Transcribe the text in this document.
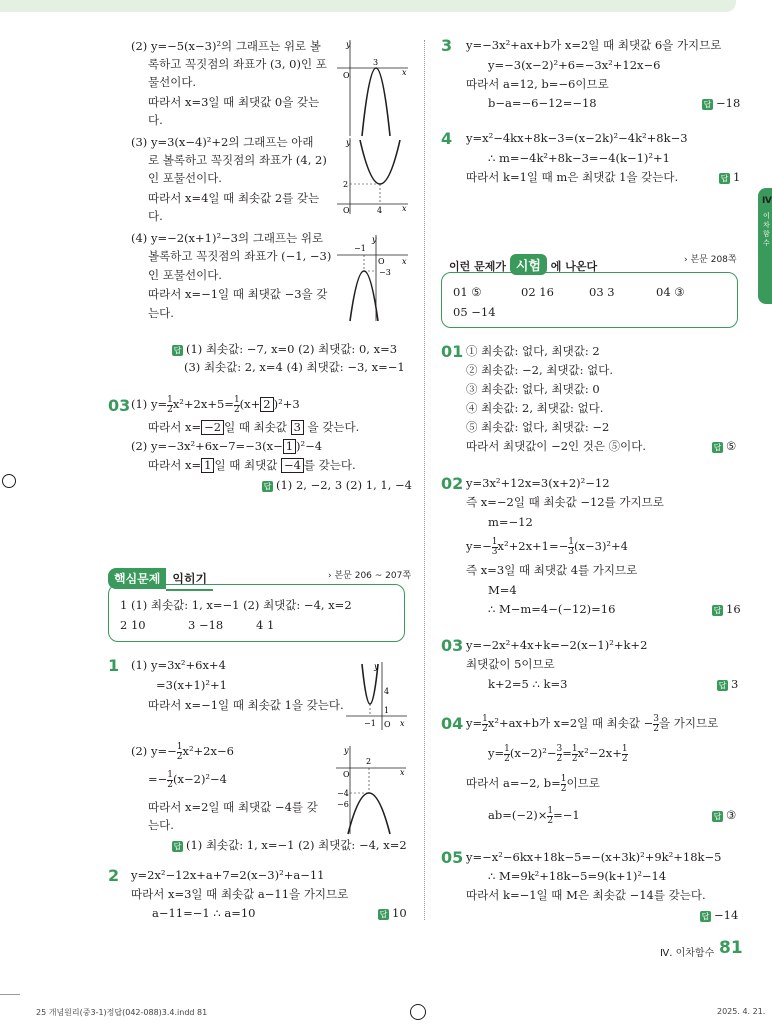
Ⅳ
이차함수
(2) y=−5(x−3)²의 그래프는 위로 볼
록하고 꼭짓점의 좌표가 (3, 0)인 포
물선이다.
따라서 x=3일 때 최댓값 0을 갖는
다.
(3) y=3(x−4)²+2의 그래프는 아래
로 볼록하고 꼭짓점의 좌표가 (4, 2)
인 포물선이다.
따라서 x=4일 때 최솟값 2를 갖는
다.
(4) y=−2(x+1)²−3의 그래프는 위로
볼록하고 꼭짓점의 좌표가 (−1, −3)
인 포물선이다.
따라서 x=−1일 때 최댓값 −3을 갖
는다.
y
x
O
3
y
x
O
2
4
y
x
O
−1
−3
답 (1) 최솟값: −7, x=0 (2) 최댓값: 0, x=3
(3) 최솟값: 2, x=4 (4) 최댓값: −3, x=−1
03 (1) $y= \frac{1}{2} x^2+2x+5= \frac{1}{2} (x+ 2$ )²+3
따라서 x= −2 일 때 최솟값 3 을 갖는다.
(2) y=−3x²+6x−7=−3(x− 1 )²−4
따라서 x= 1 일 때 최댓값 −4 를 갖는다.
답 (1) 2, −2, 3 (2) 1, 1, −4
핵심문제 익히기	› 본문 206 ~ 207쪽
1 (1) 최솟값: 1, x=−1 (2) 최댓값: −4, x=2
2 10	3 −18	4 1
1 (1) y=3x²+6x+4
=3(x+1)²+1
따라서 x=−1일 때 최솟값 1을 갖는다.
y
x
O
4
1
−1
(2) $y=- \frac{1}{2} x^2+2x-6$
=− $\frac{1}{2} (x-2)^2-4$
따라서 x=2일 때 최댓값 −4를 갖
는다.
y
x
O
2
−4
−6
답 (1) 최솟값: 1, x=−1 (2) 최댓값: −4, x=2
2 y=2x²−12x+a+7=2(x−3)²+a−11
따라서 x=3일 때 최솟값 a−11을 가지므로
a−11=−1 ∴ a=10	답 10
3 y=−3x²+ax+b가 x=2일 때 최댓값 6을 가지므로
y=−3(x−2)²+6=−3x²+12x−6
따라서 a=12, b=−6이므로
b−a=−6−12=−18	답 −18
4 y=x²−4kx+8k−3=(x−2k)²−4k²+8k−3
∴ m=−4k²+8k−3=−4(k−1)²+1
따라서 k=1일 때 m은 최댓값 1을 갖는다.	답 1
이런 문제가 시험 에 나온다	› 본문 208쪽
01 ⑤	02 16	03 3	04 ③
05 −14
01 ① 최솟값: 없다, 최댓값: 2
② 최솟값: −2, 최댓값: 없다.
③ 최솟값: 없다, 최댓값: 0
④ 최솟값: 2, 최댓값: 없다.
⑤ 최솟값: 없다, 최댓값: −2
따라서 최댓값이 −2인 것은 ⑤이다.	답 ⑤
02 y=3x²+12x=3(x+2)²−12
즉 x=−2일 때 최솟값 −12를 가지므로
m=−12
$y=- \frac{1}{3} x^2+2x+1=- \frac{1}{3} (x-3)^2+4$
즉 x=3일 때 최댓값 4를 가지므로
M=4
∴ M−m=4−(−12)=16	답 16
03 y=−2x²+4x+k=−2(x−1)²+k+2
최댓값이 5이므로
k+2=5 ∴ k=3	답 3
04 $y= \frac{1}{2} x^2+ax+b$가 x=2일 때 최솟값 − $\frac{3}{2}$ 을 가지므로
$y= \frac{1}{2} (x-2)^2- \frac{3}{2} = \frac{1}{2} x^2-2x+ \frac{1}{2}$
따라서 a=−2, $b= \frac{1}{2}$ 이므로
$ab=(-2)\times \frac{1}{2} =-1$	답 ③
05 y=−x²−6kx+18k−5=−(x+3k)²+9k²+18k−5
∴ M=9k²+18k−5=9(k+1)²−14
따라서 k=−1일 때 M은 최솟값 −14를 갖는다.
답 −14
Ⅳ. 이차함수 81
25 개념원리(중3-1)정답(042-088)3.4.indd 81	2025. 4. 21.
